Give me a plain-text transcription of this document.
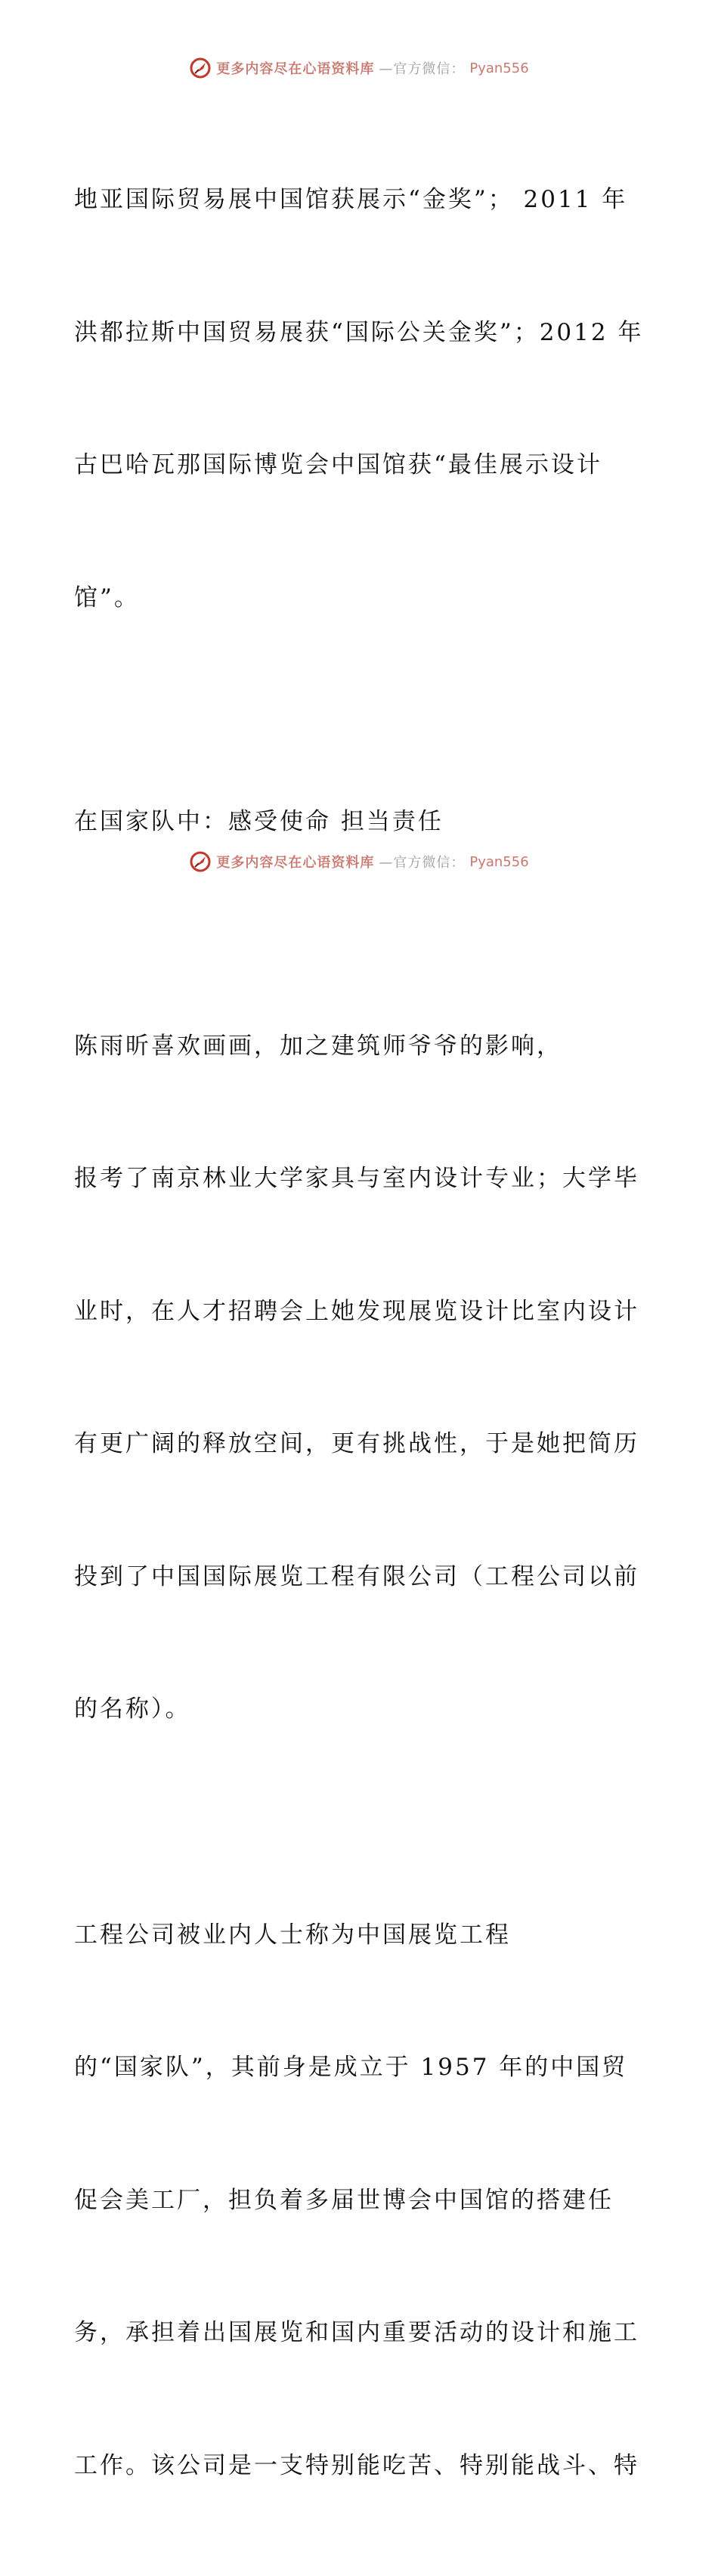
更多内容尽在心语资料库 —官方微信： Pyan556

地亚国际贸易展中国馆获展示“金奖”； 2011 年

洪都拉斯中国贸易展获“国际公关金奖”；2012 年

古巴哈瓦那国际博览会中国馆获“最佳展示设计

馆”。

在国家队中：感受使命 担当责任

陈雨昕喜欢画画，加之建筑师爷爷的影响，

报考了南京林业大学家具与室内设计专业；大学毕

业时，在人才招聘会上她发现展览设计比室内设计

有更广阔的释放空间，更有挑战性，于是她把简历

投到了中国国际展览工程有限公司（工程公司以前

的名称）。

工程公司被业内人士称为中国展览工程

的“国家队”，其前身是成立于 1957 年的中国贸

促会美工厂，担负着多届世博会中国馆的搭建任

务，承担着出国展览和国内重要活动的设计和施工

工作。该公司是一支特别能吃苦、特别能战斗、特

更多内容尽在心语资料库 —官方微信： Pyan556
